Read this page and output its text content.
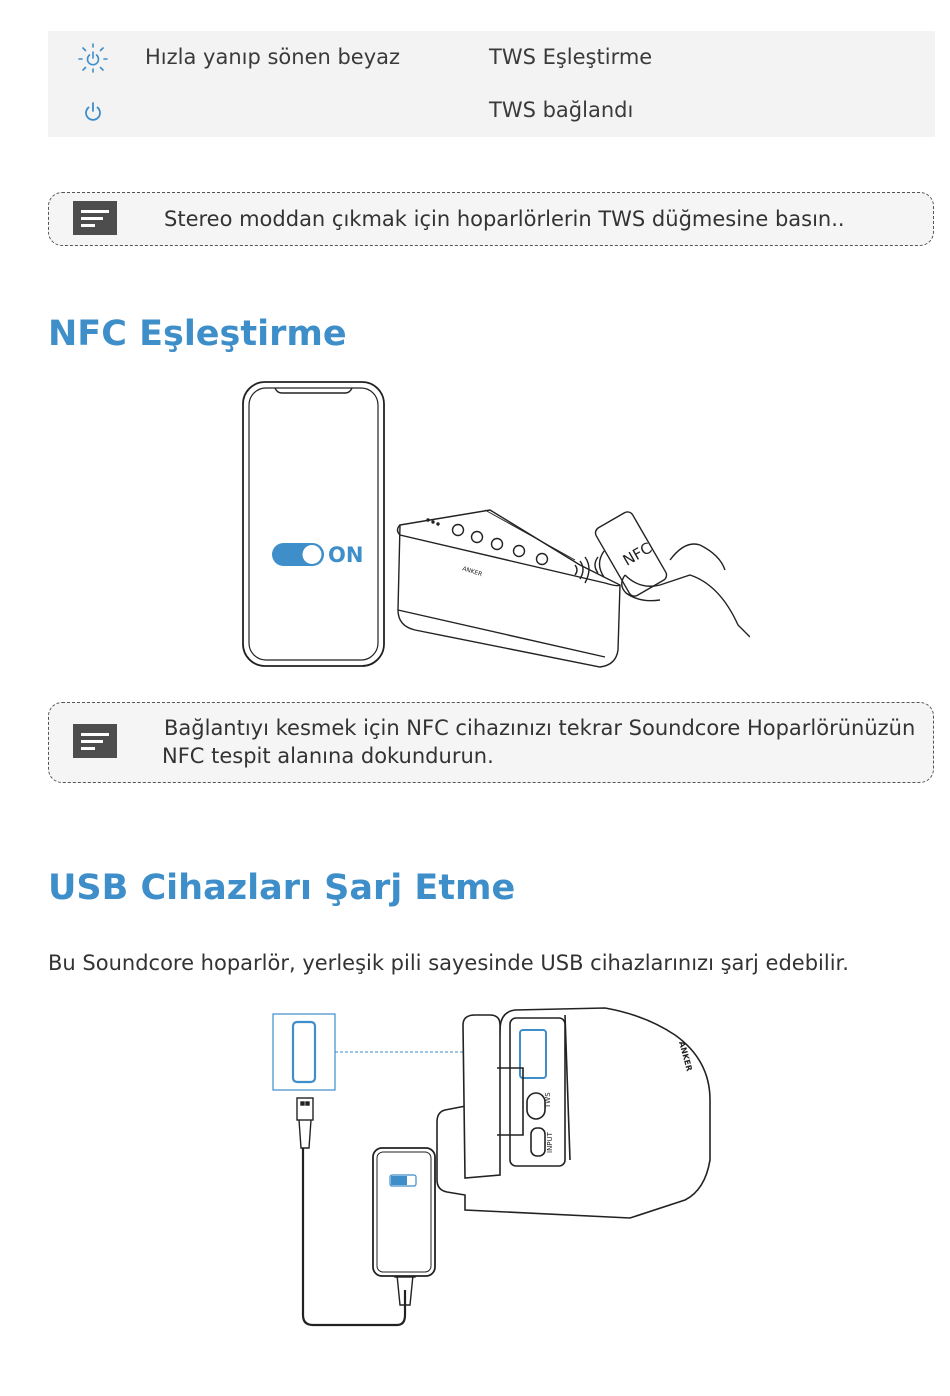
Hızla yanıp sönen beyaz	TWS Eşleştirme
TWS bağlandı
Stereo moddan çıkmak için hoparlörlerin TWS düğmesine basın..
NFC Eşleştirme
ON
ANKER
NFC
Bağlantıyı kesmek için NFC cihazınızı tekrar Soundcore Hoparlörünüzün
NFC tespit alanına dokundurun.
USB Cihazları Şarj Etme
Bu Soundcore hoparlör, yerleşik pili sayesinde USB cihazlarınızı şarj edebilir.
TWS
INPUT
ANKER
